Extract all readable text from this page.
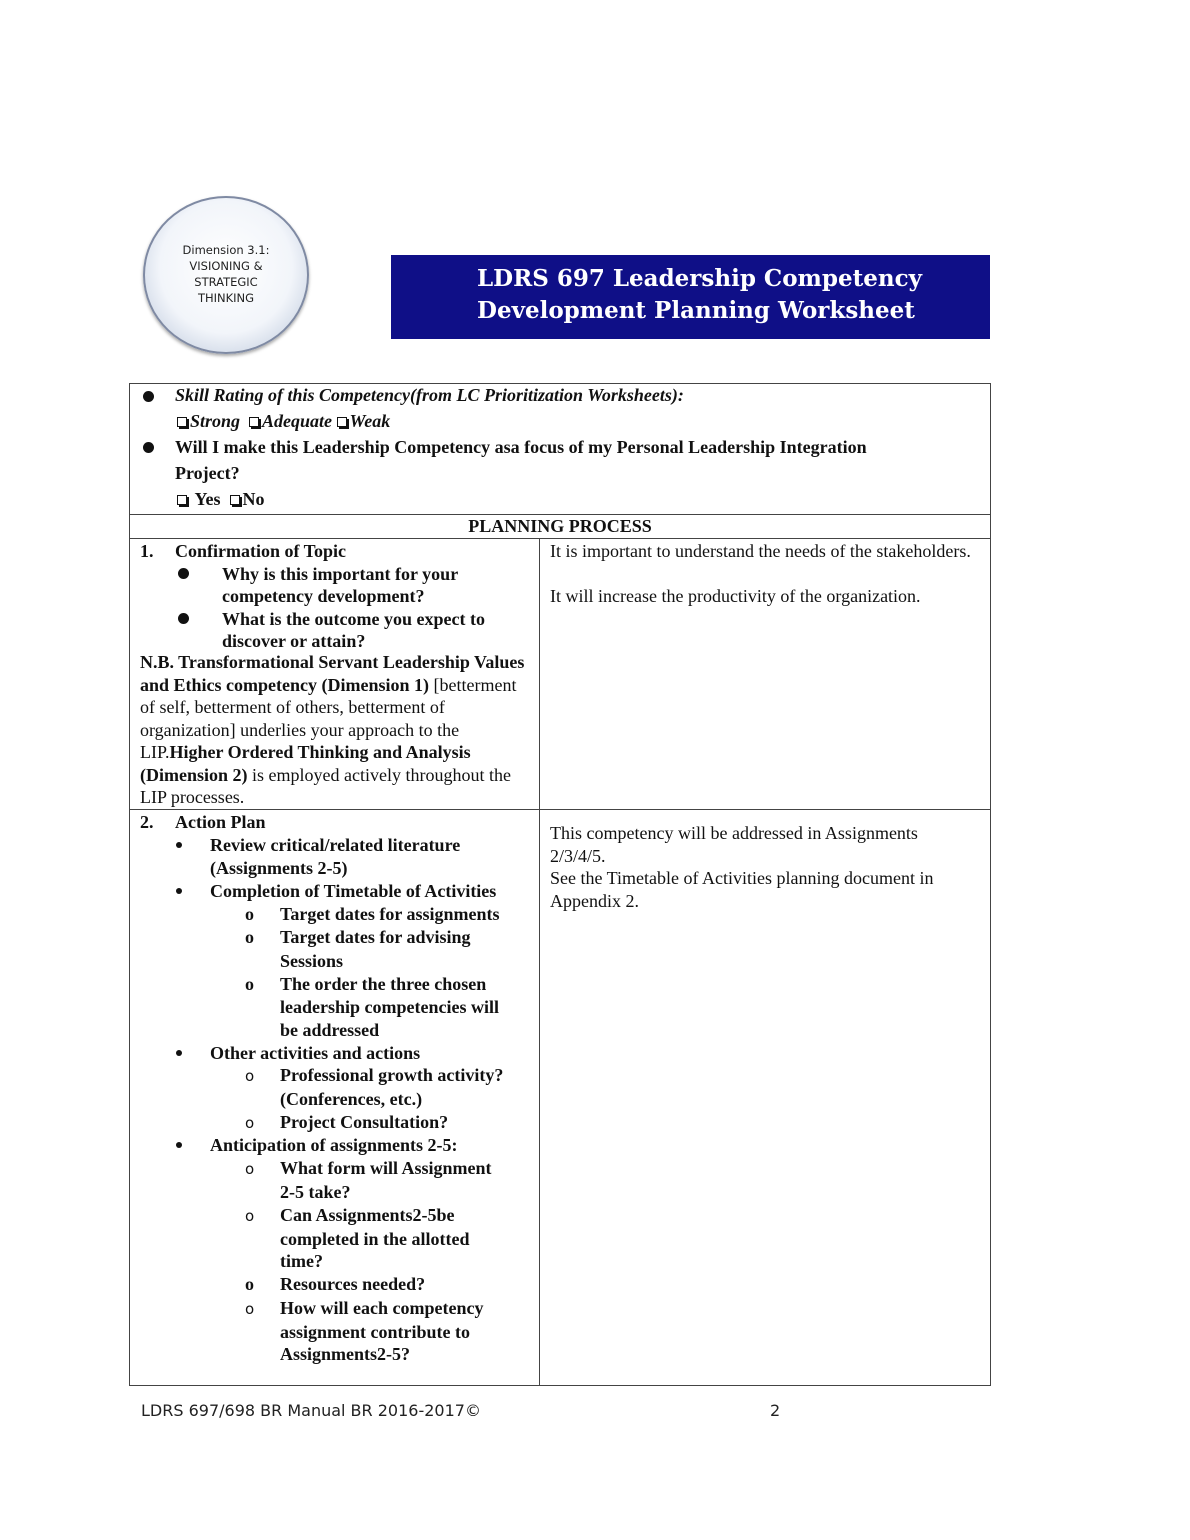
Dimension 3.1:
VISIONING &
STRATEGIC
THINKING
LDRS 697 Leadership Competency
Development Planning Worksheet
Skill Rating of this Competency(from LC Prioritization Worksheets):
Strong Adequate Weak
Will I make this Leadership Competency asa focus of my Personal Leadership Integration
Project?
Yes No
PLANNING PROCESS
1. Confirmation of Topic
Why is this important for your
competency development?
What is the outcome you expect to
discover or attain?
N.B. Transformational Servant Leadership Values and Ethics competency (Dimension 1) [betterment of self, betterment of others, betterment of organization] underlies your approach to the LIP.Higher Ordered Thinking and Analysis (Dimension 2) is employed actively throughout the LIP processes.
It is important to understand the needs of the stakeholders.
It will increase the productivity of the organization.
2. Action Plan
Review critical/related literature
(Assignments 2-5)
Completion of Timetable of Activities
o Target dates for assignments
o Target dates for advising
Sessions
o The order the three chosen
leadership competencies will
be addressed
Other activities and actions
o Professional growth activity?
(Conferences, etc.)
o Project Consultation?
Anticipation of assignments 2-5:
o What form will Assignment
2-5 take?
o Can Assignments2-5be
completed in the allotted
time?
o Resources needed?
o How will each competency
assignment contribute to
Assignments2-5?
This competency will be addressed in Assignments 2/3/4/5.
See the Timetable of Activities planning document in Appendix 2.
LDRS 697/698 BR Manual BR 2016-2017©	2
